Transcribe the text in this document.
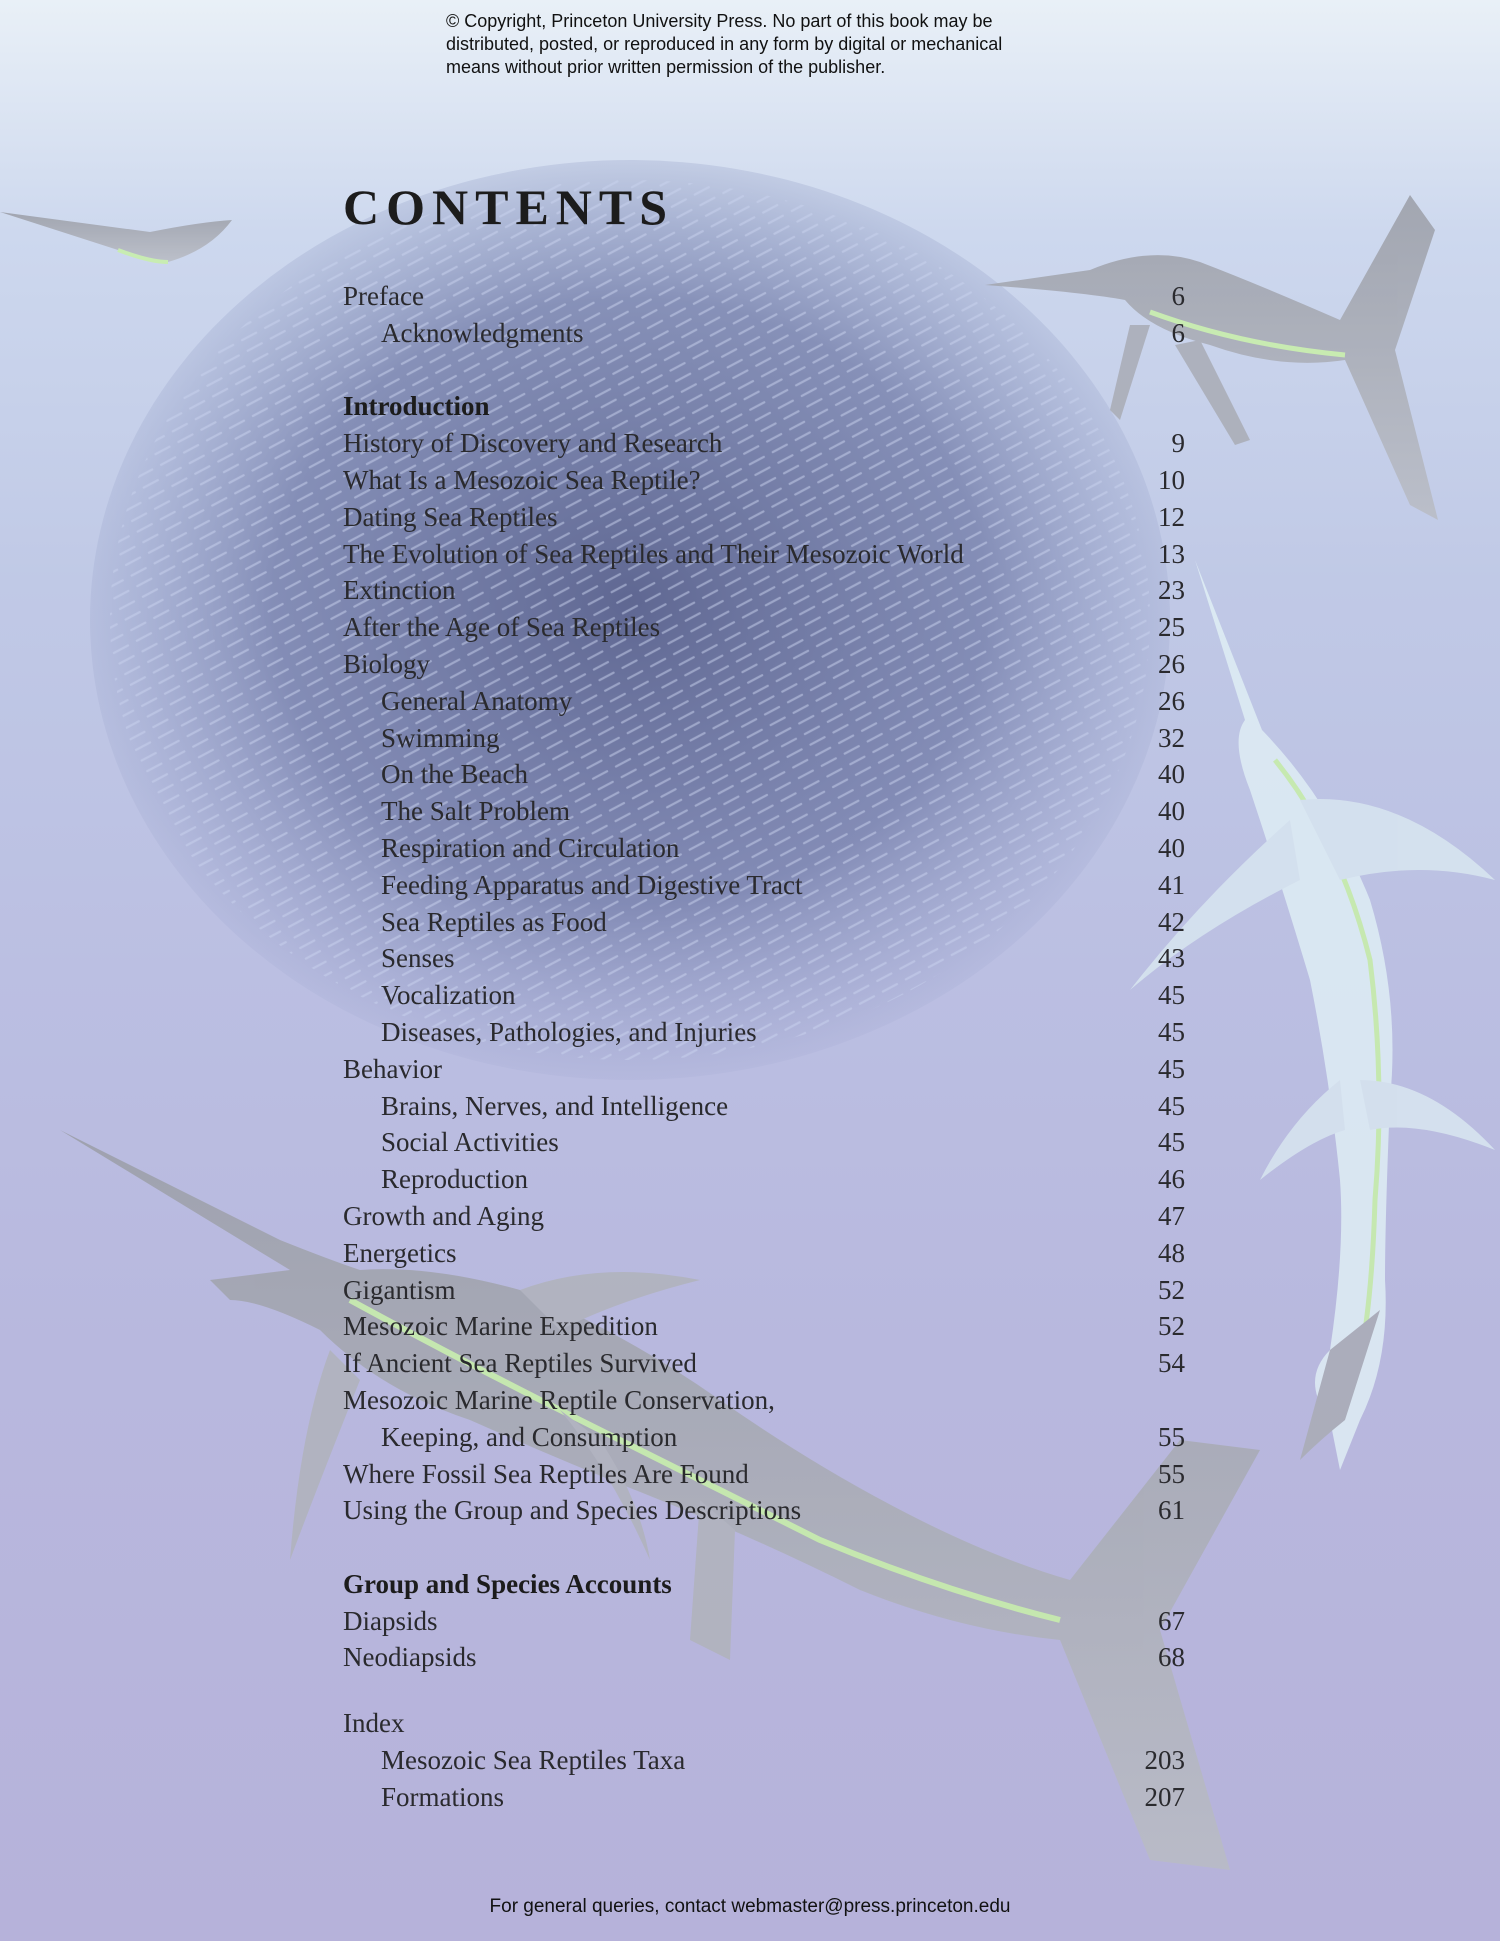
© Copyright, Princeton University Press. No part of this book may be
distributed, posted, or reproduced in any form by digital or mechanical
means without prior written permission of the publisher.
CONTENTS
Preface	6
Acknowledgments	6
Introduction
History of Discovery and Research	9
What Is a Mesozoic Sea Reptile?	10
Dating Sea Reptiles	12
The Evolution of Sea Reptiles and Their Mesozoic World	13
Extinction	23
After the Age of Sea Reptiles	25
Biology	26
General Anatomy	26
Swimming	32
On the Beach	40
The Salt Problem	40
Respiration and Circulation	40
Feeding Apparatus and Digestive Tract	41
Sea Reptiles as Food	42
Senses	43
Vocalization	45
Diseases, Pathologies, and Injuries	45
Behavior	45
Brains, Nerves, and Intelligence	45
Social Activities	45
Reproduction	46
Growth and Aging	47
Energetics	48
Gigantism	52
Mesozoic Marine Expedition	52
If Ancient Sea Reptiles Survived	54
Mesozoic Marine Reptile Conservation,
Keeping, and Consumption	55
Where Fossil Sea Reptiles Are Found	55
Using the Group and Species Descriptions	61
Group and Species Accounts
Diapsids	67
Neodiapsids	68
Index
Mesozoic Sea Reptiles Taxa	203
Formations	207
For general queries, contact webmaster@press.princeton.edu
